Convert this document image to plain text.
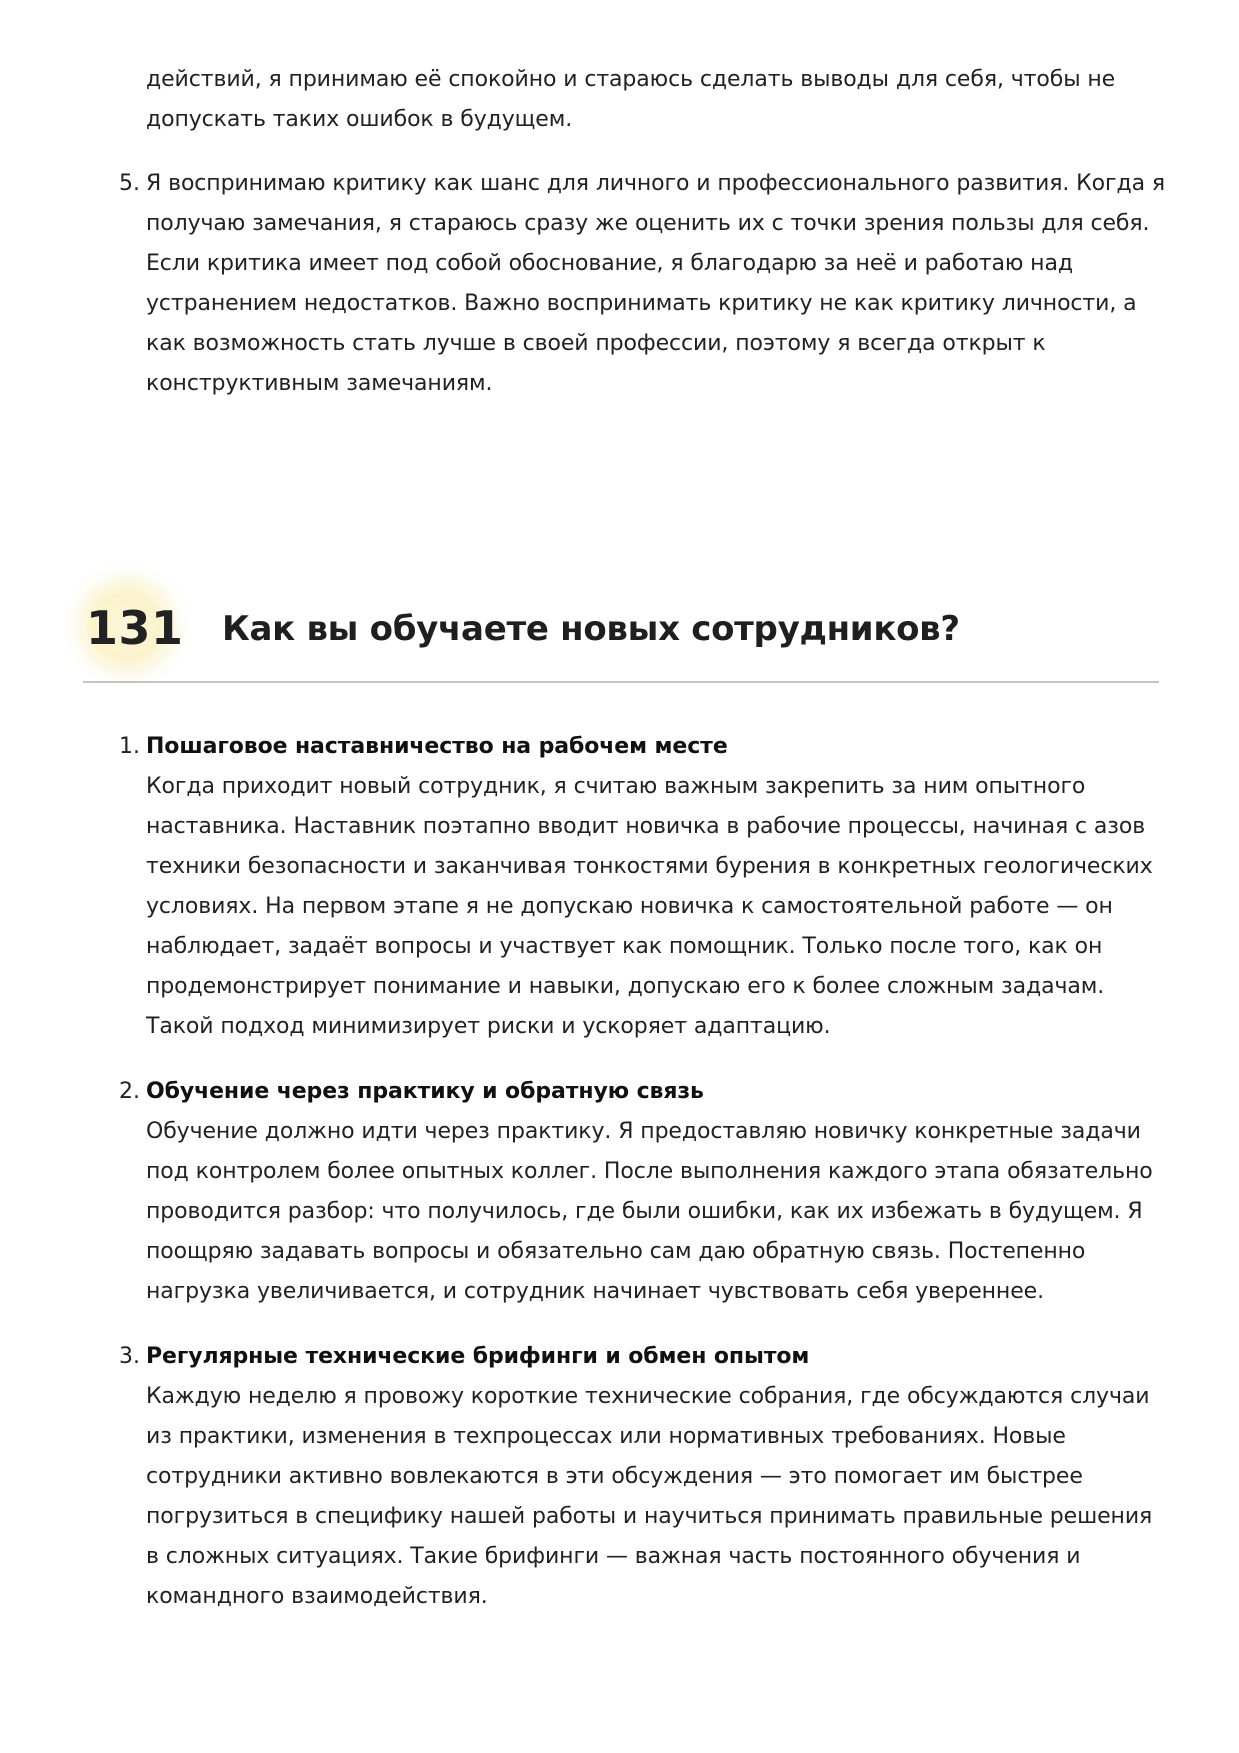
действий, я принимаю её спокойно и стараюсь сделать выводы для себя, чтобы не допускать таких ошибок в будущем.

5. Я воспринимаю критику как шанс для личного и профессионального развития. Когда я получаю замечания, я стараюсь сразу же оценить их с точки зрения пользы для себя. Если критика имеет под собой обоснование, я благодарю за неё и работаю над устранением недостатков. Важно воспринимать критику не как критику личности, а как возможность стать лучше в своей профессии, поэтому я всегда открыт к конструктивным замечаниям.

131 Как вы обучаете новых сотрудников?
1. Пошаговое наставничество на рабочем месте
Когда приходит новый сотрудник, я считаю важным закрепить за ним опытного наставника. Наставник поэтапно вводит новичка в рабочие процессы, начиная с азов техники безопасности и заканчивая тонкостями бурения в конкретных геологических условиях. На первом этапе я не допускаю новичка к самостоятельной работе — он наблюдает, задаёт вопросы и участвует как помощник. Только после того, как он продемонстрирует понимание и навыки, допускаю его к более сложным задачам. Такой подход минимизирует риски и ускоряет адаптацию.
2. Обучение через практику и обратную связь
Обучение должно идти через практику. Я предоставляю новичку конкретные задачи под контролем более опытных коллег. После выполнения каждого этапа обязательно проводится разбор: что получилось, где были ошибки, как их избежать в будущем. Я поощряю задавать вопросы и обязательно сам даю обратную связь. Постепенно нагрузка увеличивается, и сотрудник начинает чувствовать себя увереннее.
3. Регулярные технические брифинги и обмен опытом
Каждую неделю я провожу короткие технические собрания, где обсуждаются случаи из практики, изменения в техпроцессах или нормативных требованиях. Новые сотрудники активно вовлекаются в эти обсуждения — это помогает им быстрее погрузиться в специфику нашей работы и научиться принимать правильные решения в сложных ситуациях. Такие брифинги — важная часть постоянного обучения и командного взаимодействия.
